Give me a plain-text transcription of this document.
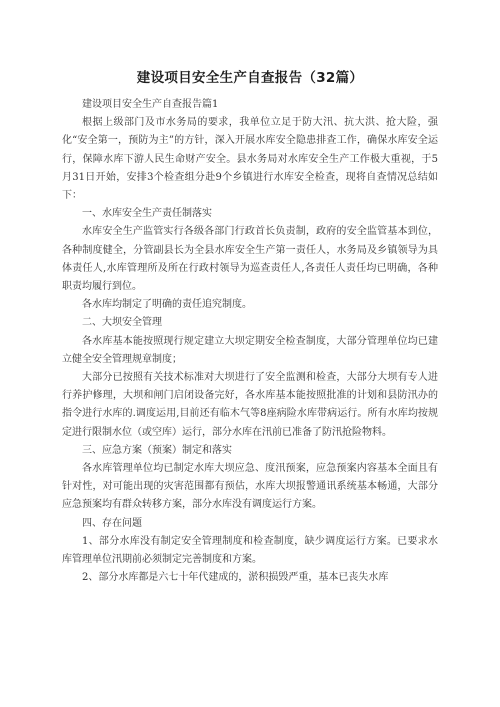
建设项目安全生产自查报告（32篇）

建设项目安全生产自查报告篇1

根据上级部门及市水务局的要求，我单位立足于防大汛、抗大洪、抢大险，强化“安全第一，预防为主”的方针，深入开展水库安全隐患排查工作，确保水库安全运行，保障水库下游人民生命财产安全。县水务局对水库安全生产工作极大重视，于5月31日开始，安排3个检查组分赴9个乡镇进行水库安全检查，现将自查情况总结如下：

一、水库安全生产责任制落实

水库安全生产监管实行各级各部门行政首长负责制，政府的安全监管基本到位，各种制度健全，分管副县长为全县水库安全生产第一责任人，水务局及乡镇领导为具体责任人,水库管理所及所在行政村领导为巡查责任人,各责任人责任均已明确，各种职责均履行到位。

各水库均制定了明确的责任追究制度。

二、大坝安全管理

各水库基本能按照现行规定建立大坝定期安全检查制度，大部分管理单位均已建立健全安全管理规章制度；

大部分已按照有关技术标准对大坝进行了安全监测和检查，大部分大坝有专人进行养护修理，大坝和闸门启闭设备完好，各水库基本能按照批准的计划和县防汛办的指令进行水库的.调度运用,目前还有临木气等8座病险水库带病运行。所有水库均按规定进行限制水位（或空库）运行，部分水库在汛前已准备了防汛抢险物料。

三、应急方案（预案）制定和落实

各水库管理单位均已制定水库大坝应急、度汛预案，应急预案内容基本全面且有针对性，对可能出现的灾害范围都有预估，水库大坝报警通讯系统基本畅通，大部分应急预案均有群众转移方案，部分水库没有调度运行方案。

四、存在问题

1、部分水库没有制定安全管理制度和检查制度，缺少调度运行方案。已要求水库管理单位汛期前必须制定完善制度和方案。

2、部分水库都是六七十年代建成的，淤积损毁严重，基本已丧失水库
